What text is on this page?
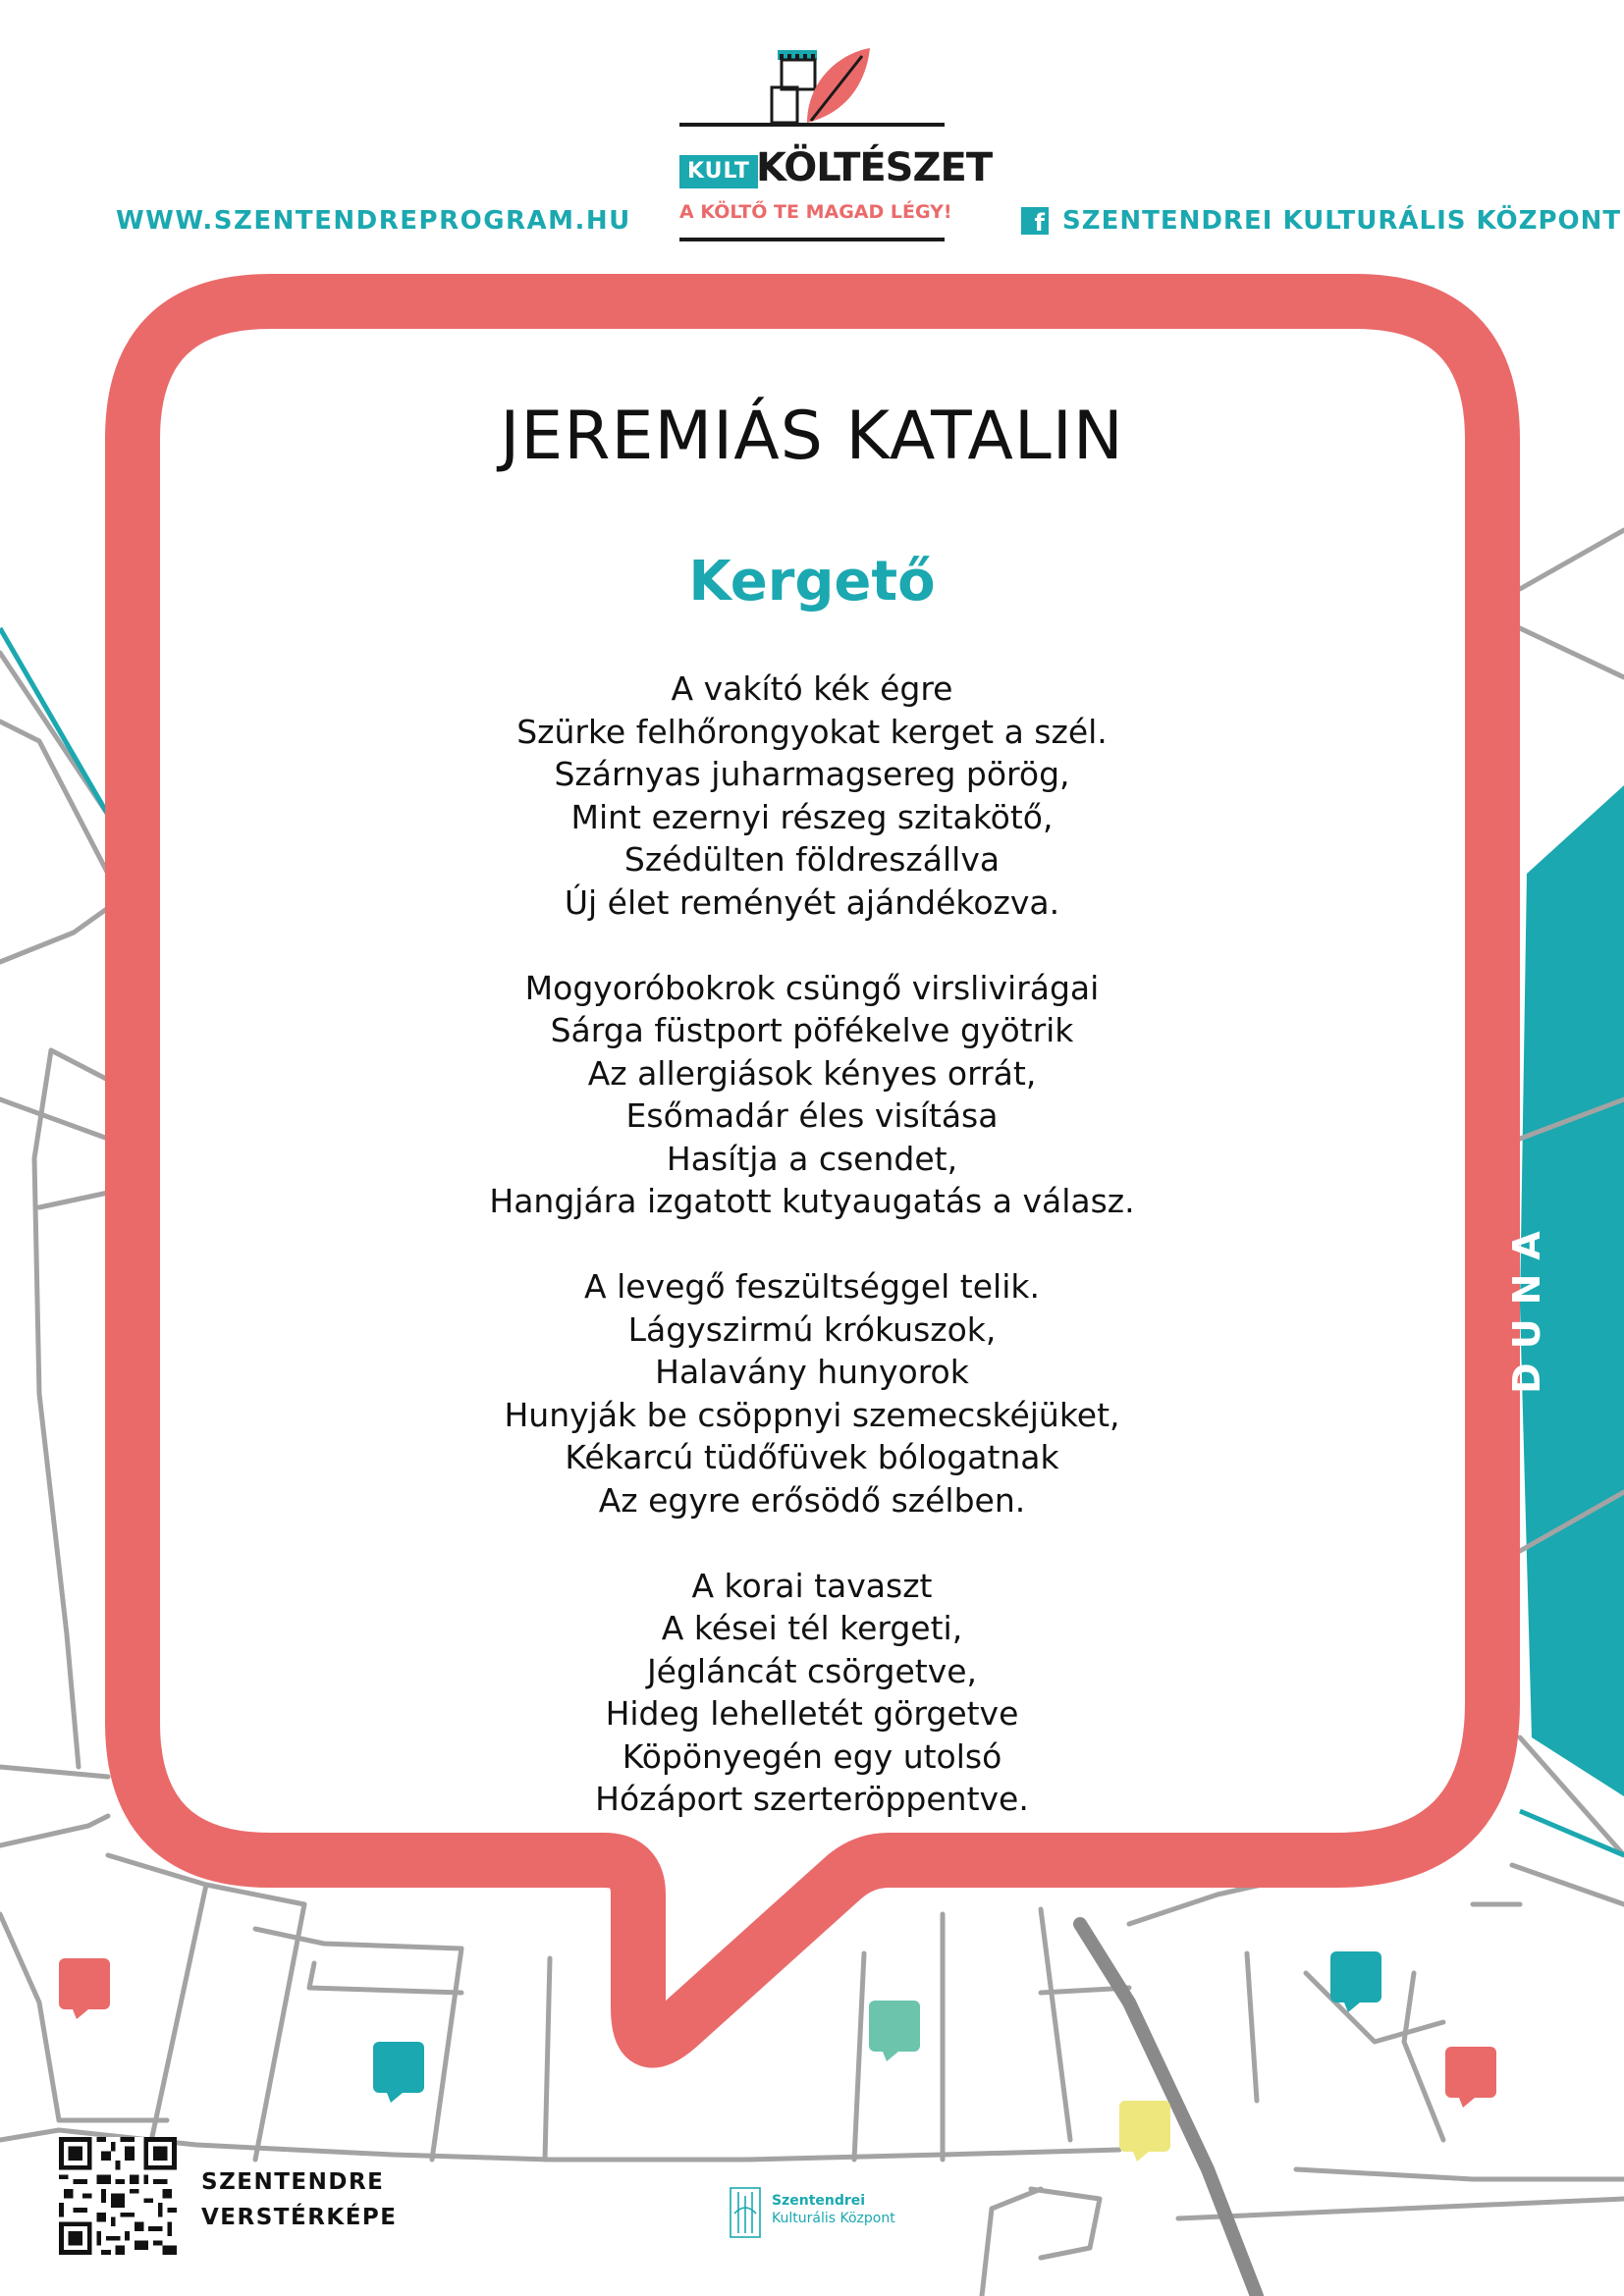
WWW.SZENTENDREPROGRAM.HU	f SZENTENDREI KULTURÁLIS KÖZPONT
KULT KÖLTÉSZET
A KÖLTŐ TE MAGAD LÉGY!
JEREMIÁS KATALIN
Kergető
A vakító kék égre
Szürke felhőrongyokat kerget a szél.
Szárnyas juharmagsereg pörög,
Mint ezernyi részeg szitakötő,
Szédülten földreszállva
Új élet reményét ajándékozva.
Mogyoróbokrok csüngő virslivirágai
Sárga füstport pöfékelve gyötrik
Az allergiások kényes orrát,
Esőmadár éles visítása
Hasítja a csendet,
Hangjára izgatott kutyaugatás a válasz.
A levegő feszültséggel telik.
Lágyszirmú krókuszok,
Halavány hunyorok
Hunyják be csöppnyi szemecskéjüket,
Kékarcú tüdőfüvek bólogatnak
Az egyre erősödő szélben.
A korai tavaszt
A kései tél kergeti,
Jégláncát csörgetve,
Hideg lehelletét görgetve
Köpönyegén egy utolsó
Hózáport szerteröppentve.
DUNA
SZENTENDRE
VERSTÉRKÉPE
Szentendrei
Kulturális Központ
